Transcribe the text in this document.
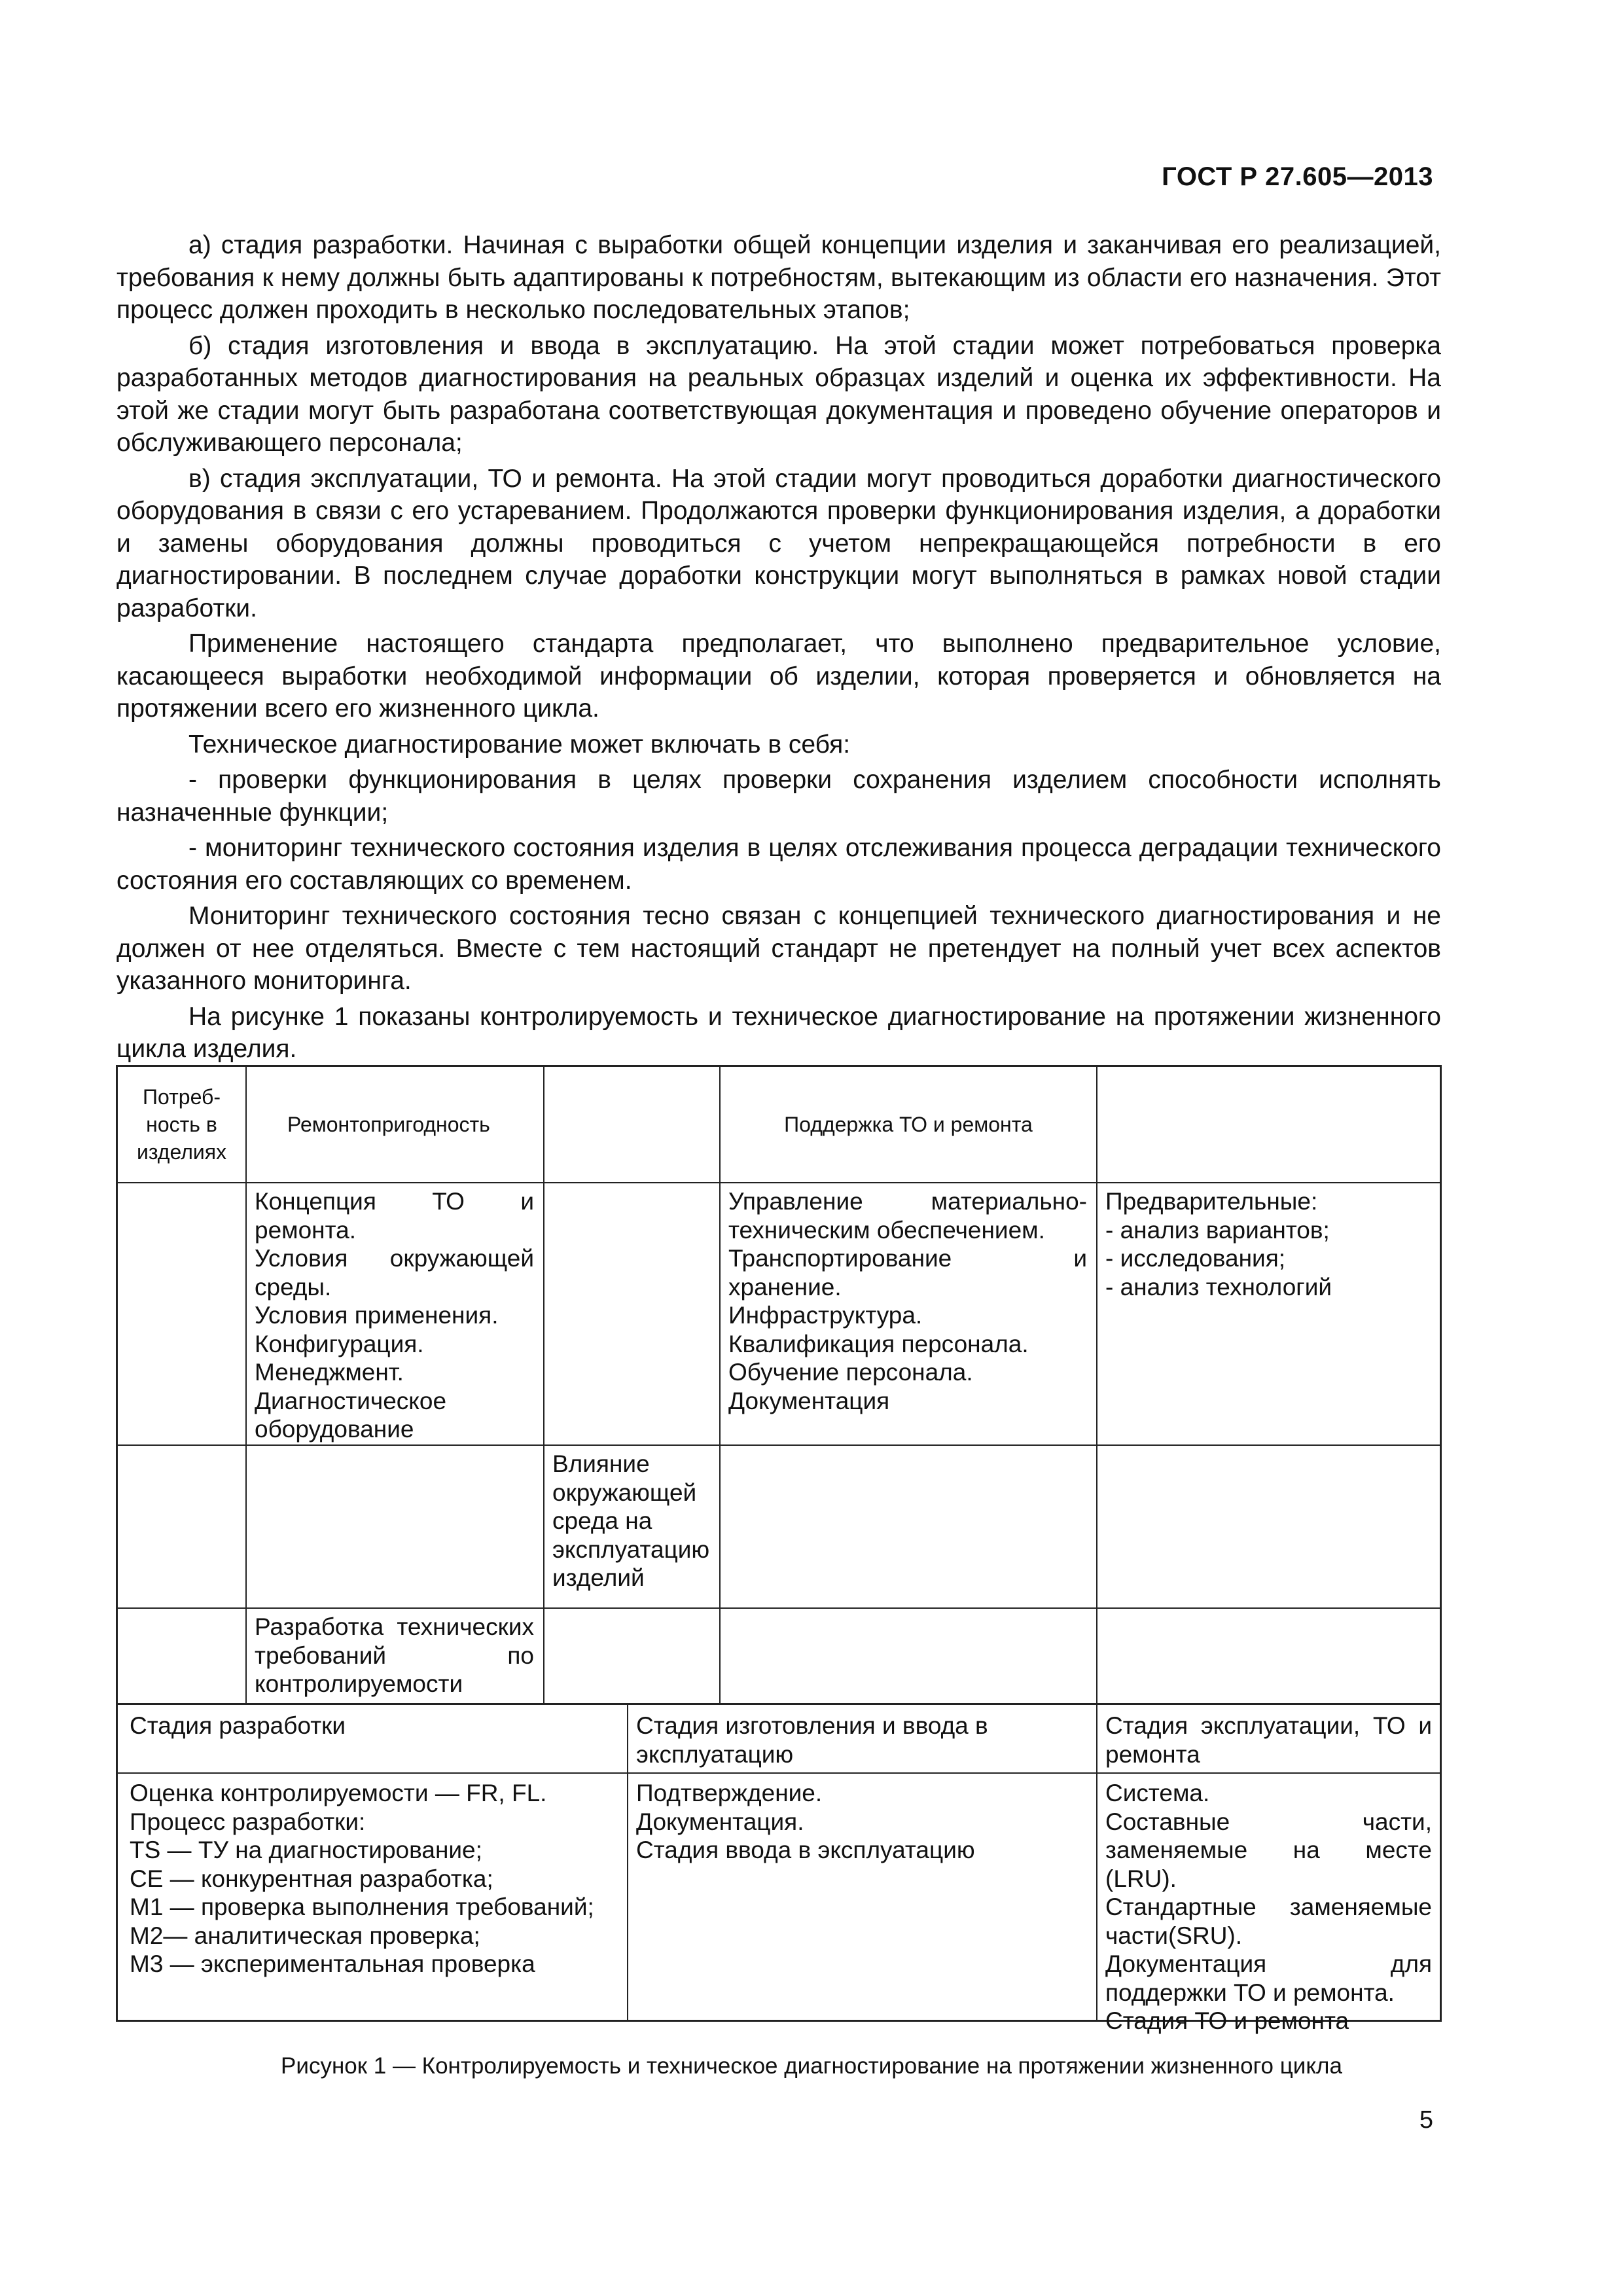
ГОСТ Р 27.605—2013

а) стадия разработки. Начиная с выработки общей концепции изделия и заканчивая его реализацией, требования к нему должны быть адаптированы к потребностям, вытекающим из области его назначения. Этот процесс должен проходить в несколько последовательных этапов;

б) стадия изготовления и ввода в эксплуатацию. На этой стадии может потребоваться проверка разработанных методов диагностирования на реальных образцах изделий и оценка их эффективности. На этой же стадии могут быть разработана соответствующая документация и проведено обучение операторов и обслуживающего персонала;

в) стадия эксплуатации, ТО и ремонта. На этой стадии могут проводиться доработки диагностического оборудования в связи с его устареванием. Продолжаются проверки функционирования изделия, а доработки и замены оборудования должны проводиться с учетом непрекращающейся потребности в его диагностировании. В последнем случае доработки конструкции могут выполняться в рамках новой стадии разработки.

Применение настоящего стандарта предполагает, что выполнено предварительное условие, касающееся выработки необходимой информации об изделии, которая проверяется и обновляется на протяжении всего его жизненного цикла.

Техническое диагностирование может включать в себя:

- проверки функционирования в целях проверки сохранения изделием способности исполнять назначенные функции;

- мониторинг технического состояния изделия в целях отслеживания процесса деградации технического состояния его составляющих со временем.

Мониторинг технического состояния тесно связан с концепцией технического диагностирования и не должен от нее отделяться. Вместе с тем настоящий стандарт не претендует на полный учет всех аспектов указанного мониторинга.

На рисунке 1 показаны контролируемость и техническое диагностирование на протяжении жизненного цикла изделия.

Потреб-
ность в
изделиях
Ремонтопригодность	Поддержка ТО и ремонта
Концепция ТО и ремонта.
Условия окружающей среды.
Условия применения.
Конфигурация.
Менеджмент.
Диагностическое оборудование
Управление материально-техническим обеспечением.
Транспортирование и хранение.
Инфраструктура.
Квалификация персонала.
Обучение персонала.
Документация
Предварительные:
- анализ вариантов;
- исследования;
- анализ технологий
Влияние окружающей среда на эксплуатацию изделий
Разработка технических требований по контролируемости
Стадия разработки	Стадия изготовления и ввода в эксплуатацию
Стадия эксплуатации, ТО и ремонта
Оценка контролируемости — FR, FL.
Процесс разработки:
TS — ТУ на диагностирование;
CE — конкурентная разработка;
M1 — проверка выполнения требований;
M2— аналитическая проверка;
M3 — экспериментальная проверка
Подтверждение.
Документация.
Стадия ввода в эксплуатацию
Система.
Составные части, заменяемые на месте (LRU).
Стандартные заменяемые части(SRU).
Документация для поддержки ТО и ремонта.
Стадия ТО и ремонта
Рисунок 1 — Контролируемость и техническое диагностирование на протяжении жизненного цикла
5
